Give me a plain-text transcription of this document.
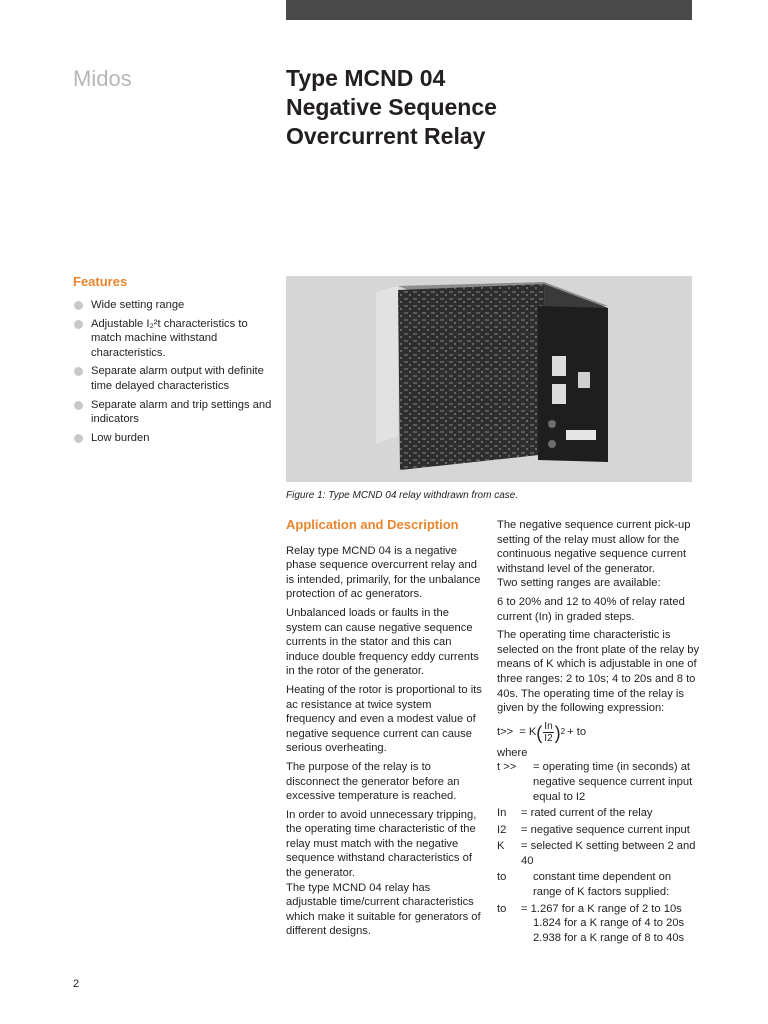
Midos	Type MCND 04
Negative Sequence
Overcurrent Relay
Features
Wide setting range
Adjustable I₂²t characteristics to match machine withstand characteristics.
Separate alarm output with definite time delayed characteristics
Separate alarm and trip settings and indicators
Low burden
Figure 1: Type MCND 04 relay withdrawn from case.
Application and Description

Relay type MCND 04 is a negative phase sequence overcurrent relay and is intended, primarily, for the unbalance protection of ac generators.

Unbalanced loads or faults in the system can cause negative sequence currents in the stator and this can induce double frequency eddy currents in the rotor of the generator.

Heating of the rotor is proportional to its ac resistance at twice system frequency and even a modest value of negative sequence current can cause serious overheating.

The purpose of the relay is to disconnect the generator before an excessive temperature is reached.

In order to avoid unnecessary tripping, the operating time characteristic of the relay must match with the negative sequence withstand characteristics of the generator.

The type MCND 04 relay has adjustable time/current characteristics which make it suitable for generators of different designs.

The negative sequence current pick-up setting of the relay must allow for the continuous negative sequence current withstand level of the generator.

Two setting ranges are available:

6 to 20% and 12 to 40% of relay rated current (In) in graded steps.

The operating time characteristic is selected on the front plate of the relay by means of K which is adjustable in one of three ranges: 2 to 10s; 4 to 20s and 8 to 40s. The operating time of the relay is given by the following expression:

t>> = K ( $\frac{In}{I2}$ ) 2 + to

where

t >>	= operating time (in seconds) at negative sequence current input equal to I2
In	= rated current of the relay
I2	= negative sequence current input
K	= selected K setting between 2 and 40
to	constant time dependent on range of K factors supplied:
to	= 1.267 for a K range of 2 to 10s
1.824 for a K range of 4 to 20s
2.938 for a K range of 8 to 40s
2
